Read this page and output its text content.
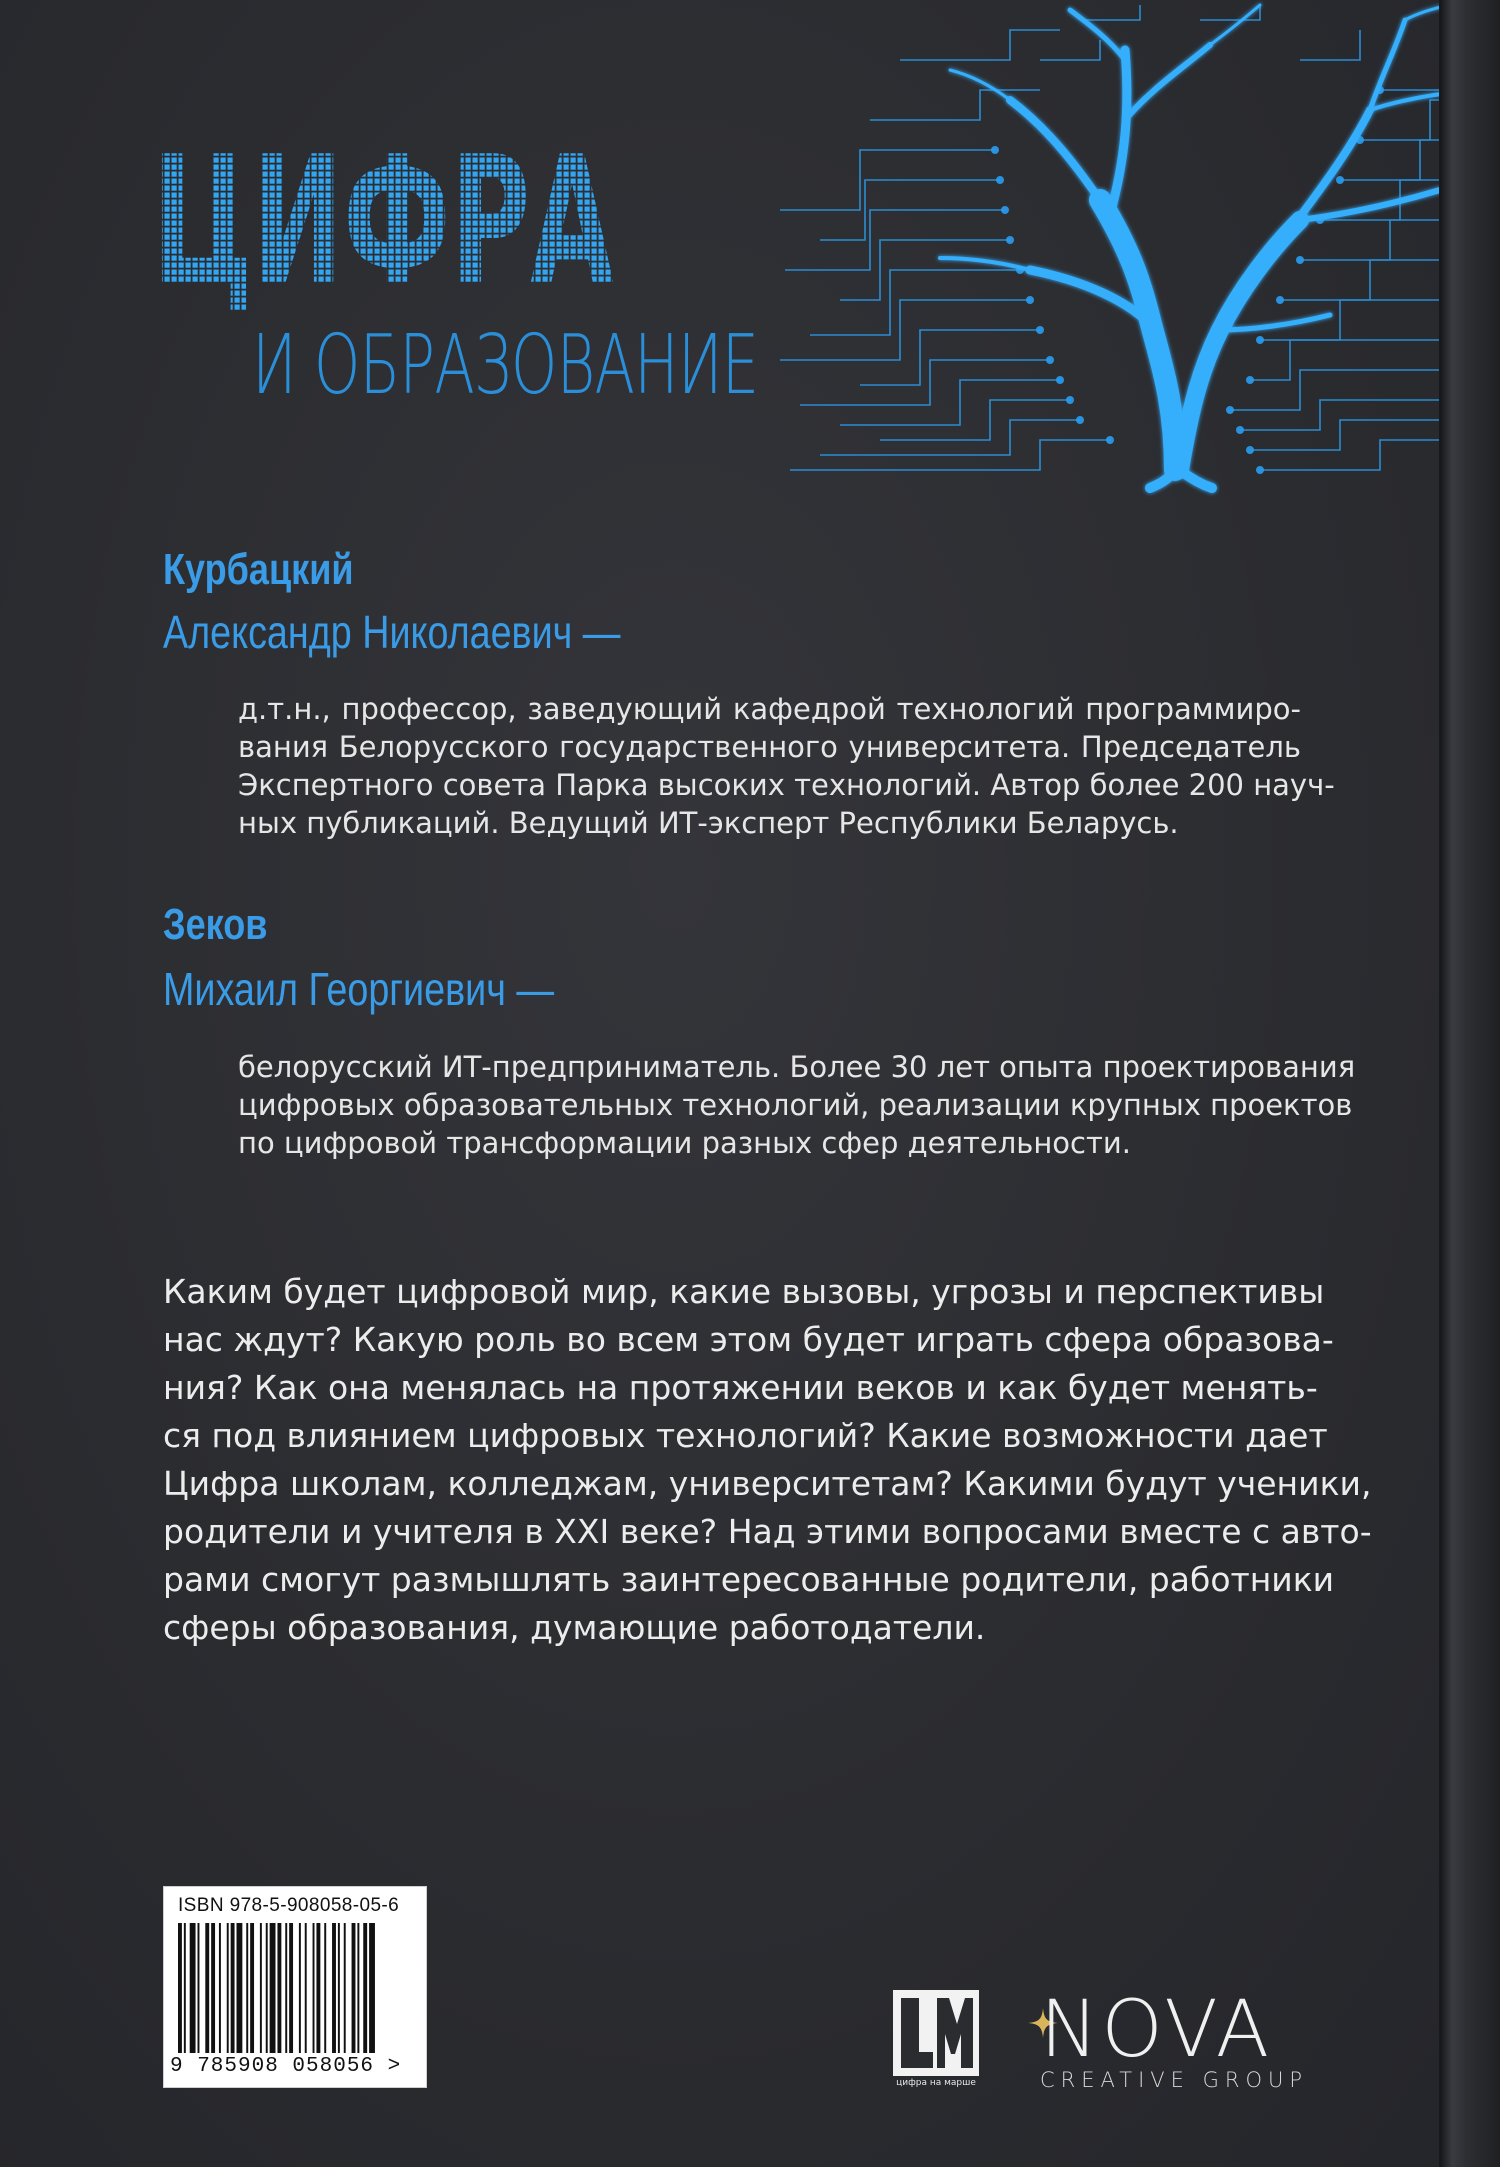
ЦИФРА
И ОБРАЗОВАНИЕ
Курбацкий
Александр Николаевич —
д.т.н., профессор, заведующий кафедрой технологий программиро-
вания Белорусского государственного университета. Председатель
Экспертного совета Парка высоких технологий. Автор более 200 науч-
ных публикаций. Ведущий ИТ-эксперт Республики Беларусь.
Зеков
Михаил Георгиевич —
белорусский ИТ-предприниматель. Более 30 лет опыта проектирования
цифровых образовательных технологий, реализации крупных проектов
по цифровой трансформации разных сфер деятельности.
Каким будет цифровой мир, какие вызовы, угрозы и перспективы
нас ждут? Какую роль во всем этом будет играть сфера образова-
ния? Как она менялась на протяжении веков и как будет менять-
ся под влиянием цифровых технологий? Какие возможности дает
Цифра школам, колледжам, университетам? Какими будут ученики,
родители и учителя в XXI веке? Над этими вопросами вместе с авто-
рами смогут размышлять заинтересованные родители, работники
сферы образования, думающие работодатели.
ISBN 978-5-908058-05-6
9 785908 058056 >
цифра на марше
NOVA
CREATIVE GROUP
